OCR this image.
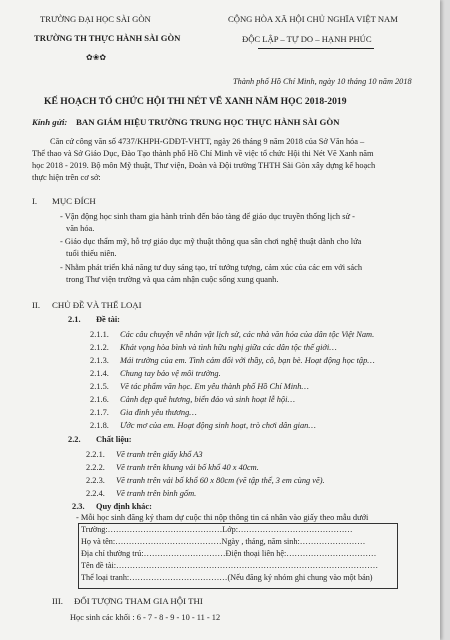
TRƯỜNG ĐẠI HỌC SÀI GÒN
TRƯỜNG TH THỰC HÀNH SÀI GÒN
✿❀✿
CỘNG HÒA XÃ HỘI CHỦ NGHĨA VIỆT NAM
ĐỘC LẬP – TỰ DO – HẠNH PHÚC
Thành phố Hồ Chí Minh, ngày 10 tháng 10 năm 2018
KẾ HOẠCH TỔ CHỨC HỘI THI NÉT VẼ XANH NĂM HỌC 2018-2019
Kính gửi: BAN GIÁM HIỆU TRƯỜNG TRUNG HỌC THỰC HÀNH SÀI GÒN
Căn cứ công văn số 4737/KHPH-GDĐT-VHTT, ngày 26 tháng 9 năm 2018 của Sở Văn hóa –
Thể thao và Sở Giáo Dục, Đào Tạo thành phố Hồ Chí Minh về việc tổ chức Hội thi Nét Vẽ Xanh năm
học 2018 - 2019. Bộ môn Mỹ thuật, Thư viện, Đoàn và Đội trường THTH Sài Gòn xây dựng kế hoạch
thực hiện trên cơ sở:
I. MỤC ĐÍCH
- Vận động học sinh tham gia hành trình đến bảo tàng để giáo dục truyền thống lịch sử -
văn hóa.
- Giáo dục thẩm mỹ, hỗ trợ giáo dục mỹ thuật thông qua sân chơi nghệ thuật dành cho lứa
tuổi thiếu niên.
- Nhằm phát triển khả năng tư duy sáng tạo, trí tưởng tượng, cảm xúc của các em với sách
trong Thư viện trường và qua cảm nhận cuộc sống xung quanh.
II. CHỦ ĐỀ VÀ THỂ LOẠI
2.1. Đề tài:
2.1.1. Các câu chuyện về nhân vật lịch sử, các nhà văn hóa của dân tộc Việt Nam.
2.1.2. Khát vọng hòa bình và tình hữu nghị giữa các dân tộc thế giới…
2.1.3. Mái trường của em. Tình cảm đối với thầy, cô, bạn bè. Hoạt động học tập…
2.1.4. Chung tay bảo vệ môi trường.
2.1.5. Vẽ tác phẩm văn học. Em yêu thành phố Hồ Chí Minh…
2.1.6. Cảnh đẹp quê hương, biển đảo và sinh hoạt lễ hội…
2.1.7. Gia đình yêu thương…
2.1.8. Ước mơ của em. Hoạt động sinh hoạt, trò chơi dân gian…
2.2. Chất liệu:
2.2.1. Vẽ tranh trên giấy khổ A3
2.2.2. Vẽ tranh trên khung vải bố khổ 40 x 40cm.
2.2.3. Vẽ tranh trên vải bố khổ 60 x 80cm (vẽ tập thể, 3 em cùng vẽ).
2.2.4. Vẽ tranh trên bình gốm.
2.3. Quy định khác:
- Mỗi học sinh đăng ký tham dự cuộc thi nộp thông tin cá nhân vào giấy theo mẫu dưới
Trường:……………………………………Lớp:……………………………………
Họ và tên:…………………………………Ngày , tháng, năm sinh:……………………
Địa chỉ thường trú:…………………………Điện thoại liên hệ:……………………………
Tên đề tài:……………………………………………………………………………………
Thể loại tranh:………………………………(Nếu đăng ký nhóm ghi chung vào một bản)
III. ĐỐI TƯỢNG THAM GIA HỘI THI
Học sinh các khối : 6 - 7 - 8 - 9 - 10 - 11 - 12
